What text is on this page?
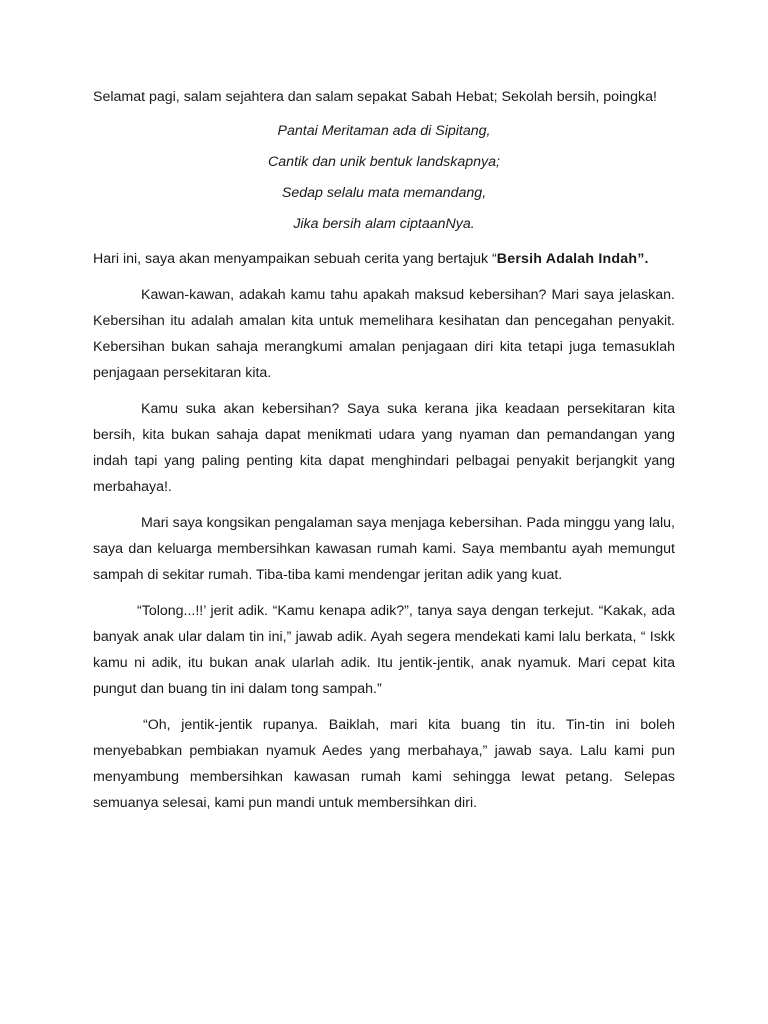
Selamat pagi, salam sejahtera dan salam sepakat Sabah Hebat; Sekolah bersih, poingka!

Pantai Meritaman ada di Sipitang,
Cantik dan unik bentuk landskapnya;
Sedap selalu mata memandang,
Jika bersih alam ciptaanNya.

Hari ini, saya akan menyampaikan sebuah cerita yang bertajuk “Bersih Adalah Indah”.

Kawan-kawan, adakah kamu tahu apakah maksud kebersihan? Mari saya jelaskan. Kebersihan itu adalah amalan kita untuk memelihara kesihatan dan pencegahan penyakit. Kebersihan bukan sahaja merangkumi amalan penjagaan diri kita tetapi juga temasuklah penjagaan persekitaran kita.

Kamu suka akan kebersihan? Saya suka kerana jika keadaan persekitaran kita bersih, kita bukan sahaja dapat menikmati udara yang nyaman dan pemandangan yang indah tapi yang paling penting kita dapat menghindari pelbagai penyakit berjangkit yang merbahaya!.

Mari saya kongsikan pengalaman saya menjaga kebersihan. Pada minggu yang lalu, saya dan keluarga membersihkan kawasan rumah kami. Saya membantu ayah memungut sampah di sekitar rumah. Tiba-tiba kami mendengar jeritan adik yang kuat.

“Tolong...!!’ jerit adik. “Kamu kenapa adik?”, tanya saya dengan terkejut. “Kakak, ada banyak anak ular dalam tin ini,” jawab adik. Ayah segera mendekati kami lalu berkata, “ Iskk kamu ni adik, itu bukan anak ularlah adik. Itu jentik-jentik, anak nyamuk. Mari cepat kita pungut dan buang tin ini dalam tong sampah.”

“Oh, jentik-jentik rupanya. Baiklah, mari kita buang tin itu. Tin-tin ini boleh menyebabkan pembiakan nyamuk Aedes yang merbahaya,” jawab saya. Lalu kami pun menyambung membersihkan kawasan rumah kami sehingga lewat petang. Selepas semuanya selesai, kami pun mandi untuk membersihkan diri.
